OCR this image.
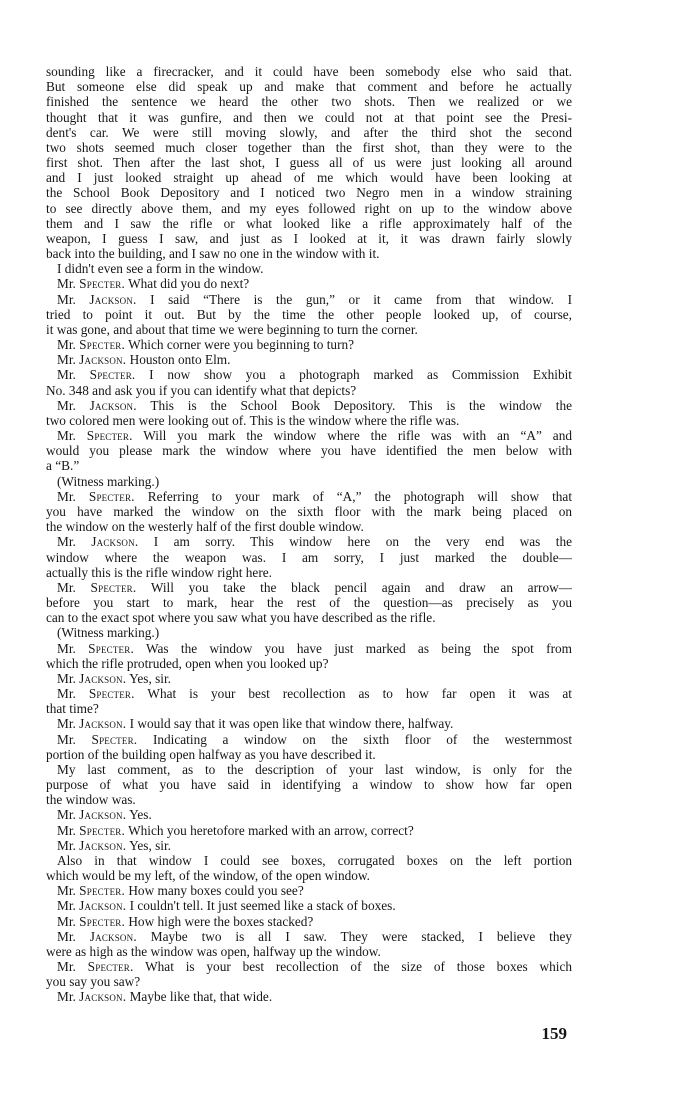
sounding like a firecracker, and it could have been somebody else who said that.
But someone else did speak up and make that comment and before he actually
finished the sentence we heard the other two shots. Then we realized or we
thought that it was gunfire, and then we could not at that point see the Presi-
dent's car. We were still moving slowly, and after the third shot the second
two shots seemed much closer together than the first shot, than they were to the
first shot. Then after the last shot, I guess all of us were just looking all around
and I just looked straight up ahead of me which would have been looking at
the School Book Depository and I noticed two Negro men in a window straining
to see directly above them, and my eyes followed right on up to the window above
them and I saw the rifle or what looked like a rifle approximately half of the
weapon, I guess I saw, and just as I looked at it, it was drawn fairly slowly
back into the building, and I saw no one in the window with it.
I didn't even see a form in the window.
Mr. Specter. What did you do next?
Mr. Jackson. I said “There is the gun,” or it came from that window. I
tried to point it out. But by the time the other people looked up, of course,
it was gone, and about that time we were beginning to turn the corner.
Mr. Specter. Which corner were you beginning to turn?
Mr. Jackson. Houston onto Elm.
Mr. Specter. I now show you a photograph marked as Commission Exhibit
No. 348 and ask you if you can identify what that depicts?
Mr. Jackson. This is the School Book Depository. This is the window the
two colored men were looking out of. This is the window where the rifle was.
Mr. Specter. Will you mark the window where the rifle was with an “A” and
would you please mark the window where you have identified the men below with
a “B.”
(Witness marking.)
Mr. Specter. Referring to your mark of “A,” the photograph will show that
you have marked the window on the sixth floor with the mark being placed on
the window on the westerly half of the first double window.
Mr. Jackson. I am sorry. This window here on the very end was the
window where the weapon was. I am sorry, I just marked the double—
actually this is the rifle window right here.
Mr. Specter. Will you take the black pencil again and draw an arrow—
before you start to mark, hear the rest of the question—as precisely as you
can to the exact spot where you saw what you have described as the rifle.
(Witness marking.)
Mr. Specter. Was the window you have just marked as being the spot from
which the rifle protruded, open when you looked up?
Mr. Jackson. Yes, sir.
Mr. Specter. What is your best recollection as to how far open it was at
that time?
Mr. Jackson. I would say that it was open like that window there, halfway.
Mr. Specter. Indicating a window on the sixth floor of the westernmost
portion of the building open halfway as you have described it.
My last comment, as to the description of your last window, is only for the
purpose of what you have said in identifying a window to show how far open
the window was.
Mr. Jackson. Yes.
Mr. Specter. Which you heretofore marked with an arrow, correct?
Mr. Jackson. Yes, sir.
Also in that window I could see boxes, corrugated boxes on the left portion
which would be my left, of the window, of the open window.
Mr. Specter. How many boxes could you see?
Mr. Jackson. I couldn't tell. It just seemed like a stack of boxes.
Mr. Specter. How high were the boxes stacked?
Mr. Jackson. Maybe two is all I saw. They were stacked, I believe they
were as high as the window was open, halfway up the window.
Mr. Specter. What is your best recollection of the size of those boxes which
you say you saw?
Mr. Jackson. Maybe like that, that wide.
159
